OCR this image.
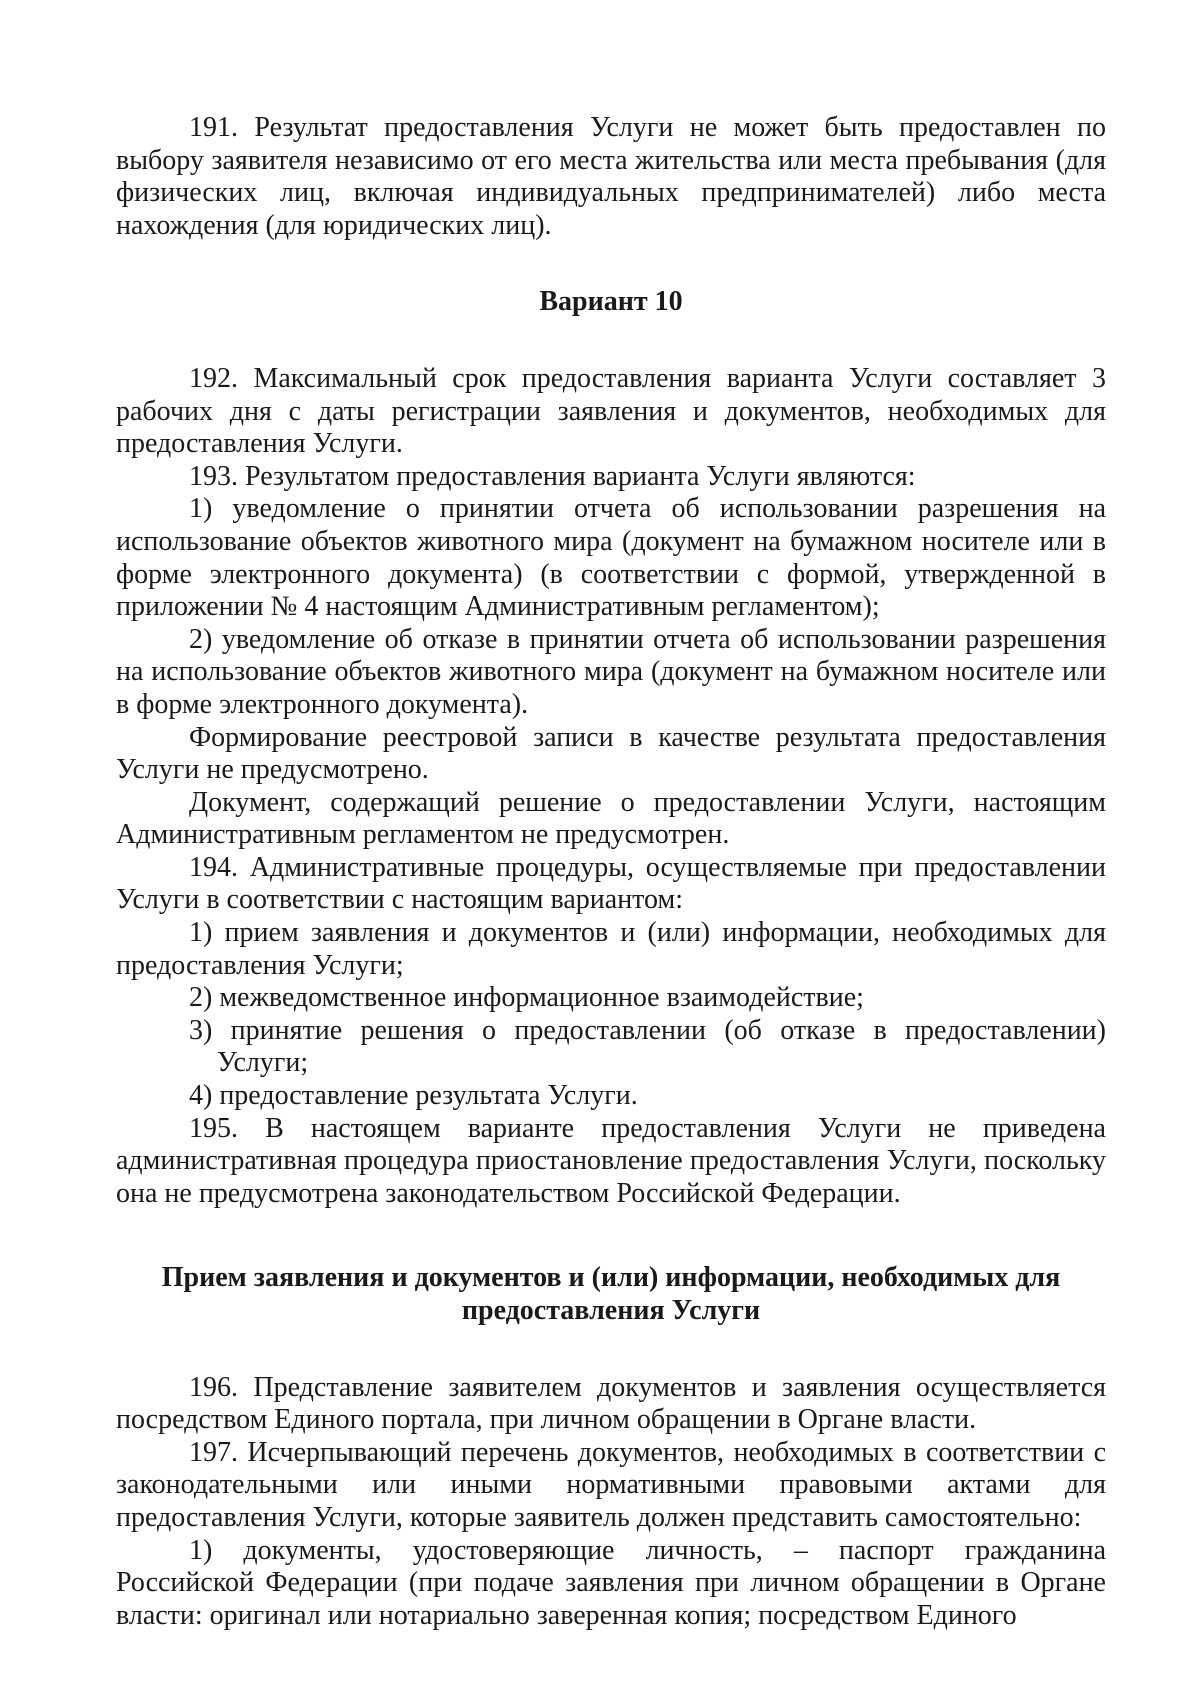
191. Результат предоставления Услуги не может быть предоставлен по выбору заявителя независимо от его места жительства или места пребывания (для физических лиц, включая индивидуальных предпринимателей) либо места нахождения (для юридических лиц).

Вариант 10

192. Максимальный срок предоставления варианта Услуги составляет 3 рабочих дня с даты регистрации заявления и документов, необходимых для предоставления Услуги.

193. Результатом предоставления варианта Услуги являются:

1) уведомление о принятии отчета об использовании разрешения на использование объектов животного мира (документ на бумажном носителе или в форме электронного документа) (в соответствии с формой, утвержденной в приложении № 4 настоящим Административным регламентом);

2) уведомление об отказе в принятии отчета об использовании разрешения на использование объектов животного мира (документ на бумажном носителе или в форме электронного документа).

Формирование реестровой записи в качестве результата предоставления Услуги не предусмотрено.

Документ, содержащий решение о предоставлении Услуги, настоящим Административным регламентом не предусмотрен.

194. Административные процедуры, осуществляемые при предоставлении Услуги в соответствии с настоящим вариантом:

1) прием заявления и документов и (или) информации, необходимых для предоставления Услуги;

2) межведомственное информационное взаимодействие;

3) принятие решения о предоставлении (об отказе в предоставлении) Услуги;

4) предоставление результата Услуги.

195. В настоящем варианте предоставления Услуги не приведена административная процедура приостановление предоставления Услуги, поскольку она не предусмотрена законодательством Российской Федерации.

Прием заявления и документов и (или) информации, необходимых для предоставления Услуги

196. Представление заявителем документов и заявления осуществляется посредством Единого портала, при личном обращении в Органе власти.

197. Исчерпывающий перечень документов, необходимых в соответствии с законодательными или иными нормативными правовыми актами для предоставления Услуги, которые заявитель должен представить самостоятельно:

1) документы, удостоверяющие личность, – паспорт гражданина Российской Федерации (при подаче заявления при личном обращении в Органе власти: оригинал или нотариально заверенная копия; посредством Единого
